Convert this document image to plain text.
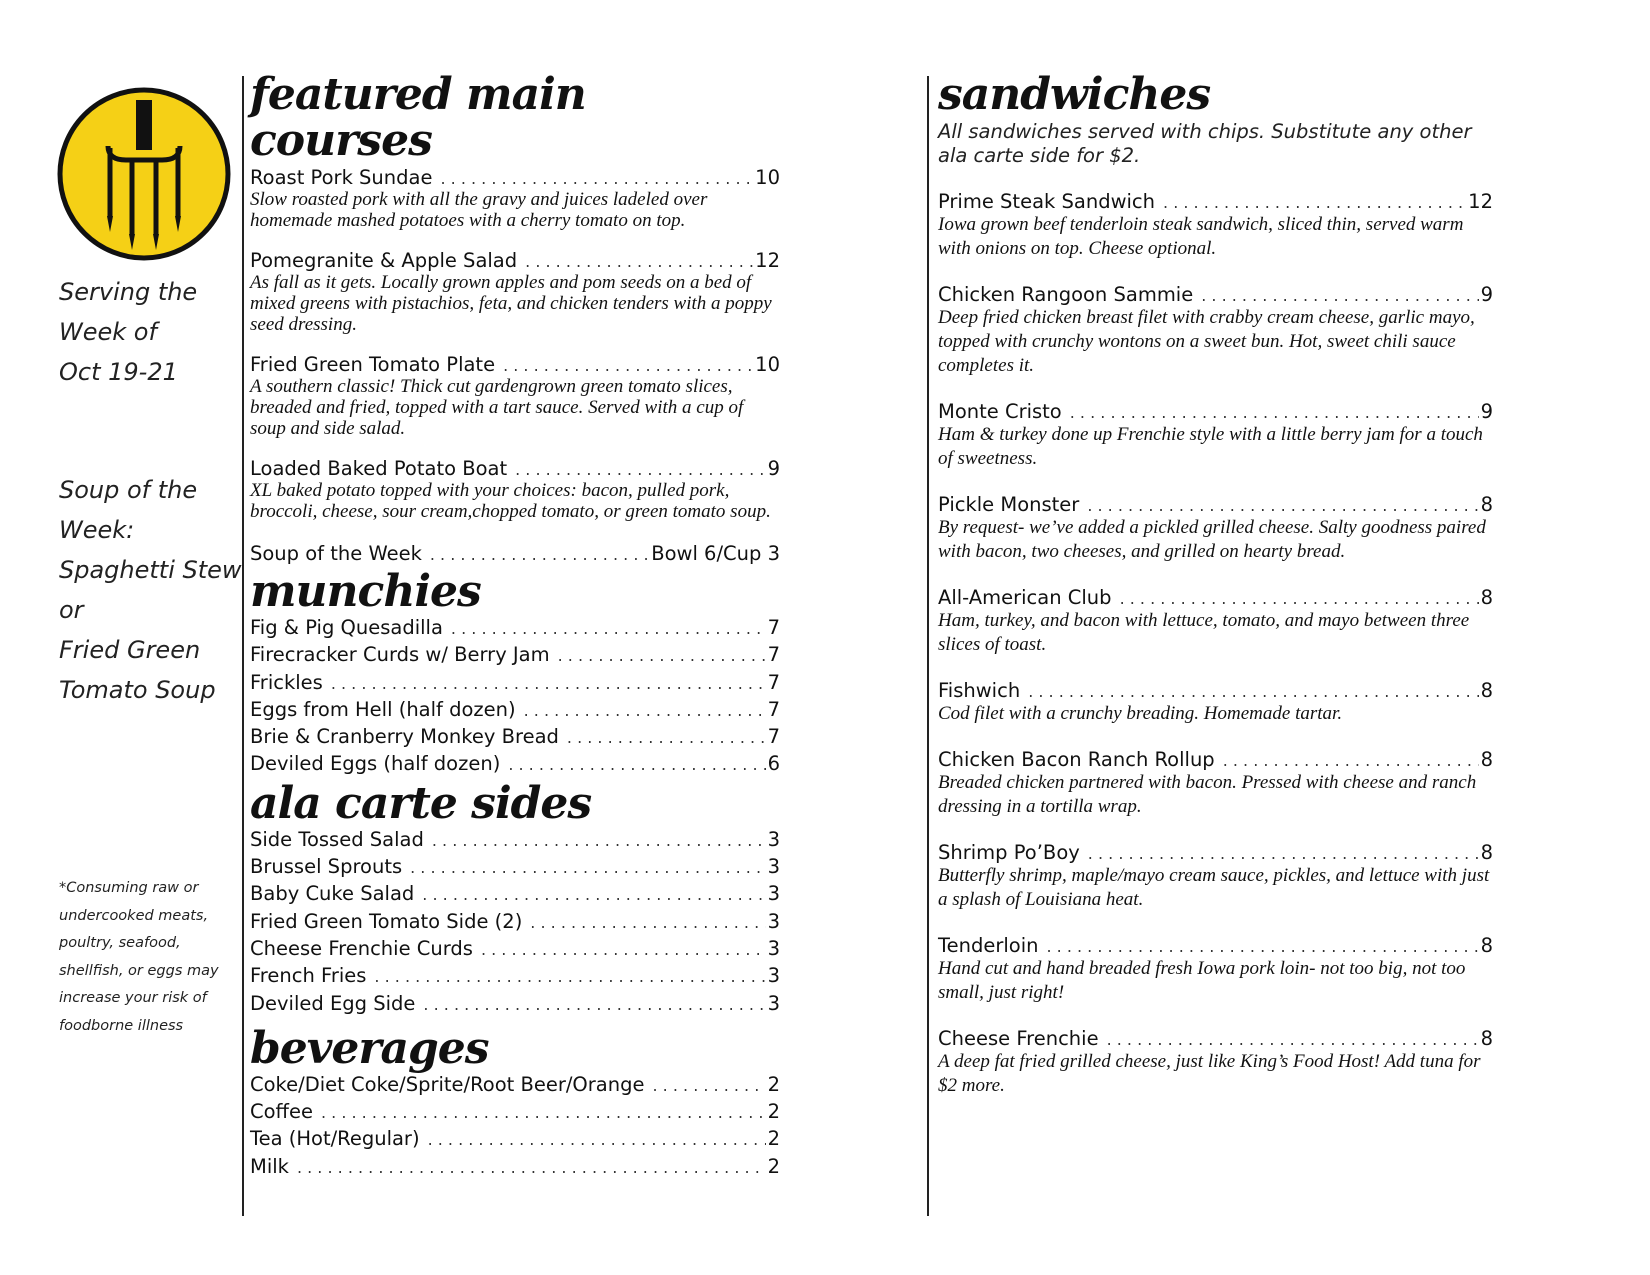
Serving the
Week of
Oct 19-21
Soup of the
Week:
Spaghetti Stew
or
Fried Green
Tomato Soup
*Consuming raw or undercooked meats, poultry, seafood, shellfish, or eggs may increase your risk of foodborne illness
featured main courses
Roast Pork Sundae . . .	10
Slow roasted pork with all the gravy and juices ladeled over homemade mashed potatoes with a cherry tomato on top.
Pomegranite & Apple Salad . . .	12
As fall as it gets. Locally grown apples and pom seeds on a bed of mixed greens with pistachios, feta, and chicken tenders with a poppy seed dressing.
Fried Green Tomato Plate . . .	10
A southern classic! Thick cut gardengrown green tomato slices, breaded and fried, topped with a tart sauce. Served with a cup of soup and side salad.
Loaded Baked Potato Boat . . .	9
XL baked potato topped with your choices: bacon, pulled pork, broccoli, cheese, sour cream,chopped tomato, or green tomato soup.
Soup of the Week . . .	Bowl 6/Cup 3
munchies
Fig & Pig Quesadilla . . .	7
Firecracker Curds w/ Berry Jam . . .	7
Frickles . . .	7
Eggs from Hell (half dozen) . . .	7
Brie & Cranberry Monkey Bread . . .	7
Deviled Eggs (half dozen) . . .	6
ala carte sides
Side Tossed Salad . . .	3
Brussel Sprouts . . .	3
Baby Cuke Salad . . .	3
Fried Green Tomato Side (2) . . .	3
Cheese Frenchie Curds . . .	3
French Fries . . .	3
Deviled Egg Side . . .	3
beverages
Coke/Diet Coke/Sprite/Root Beer/Orange . . .	2
Coffee . . .	2
Tea (Hot/Regular) . . .	2
Milk . . .	2
sandwiches
All sandwiches served with chips. Substitute any other ala carte side for $2.
Prime Steak Sandwich . . .	12
Iowa grown beef tenderloin steak sandwich, sliced thin, served warm with onions on top. Cheese optional.
Chicken Rangoon Sammie . . .	9
Deep fried chicken breast filet with crabby cream cheese, garlic mayo, topped with crunchy wontons on a sweet bun. Hot, sweet chili sauce completes it.
Monte Cristo . . .	9
Ham & turkey done up Frenchie style with a little berry jam for a touch of sweetness.
Pickle Monster . . .	8
By request- we’ve added a pickled grilled cheese. Salty goodness paired with bacon, two cheeses, and grilled on hearty bread.
All-American Club . . .	8
Ham, turkey, and bacon with lettuce, tomato, and mayo between three slices of toast.
Fishwich . . .	8
Cod filet with a crunchy breading. Homemade tartar.
Chicken Bacon Ranch Rollup . . .	8
Breaded chicken partnered with bacon. Pressed with cheese and ranch dressing in a tortilla wrap.
Shrimp Po’Boy . . .	8
Butterfly shrimp, maple/mayo cream sauce, pickles, and lettuce with just a splash of Louisiana heat.
Tenderloin . . .	8
Hand cut and hand breaded fresh Iowa pork loin- not too big, not too small, just right!
Cheese Frenchie . . .	8
A deep fat fried grilled cheese, just like King’s Food Host! Add tuna for $2 more.
